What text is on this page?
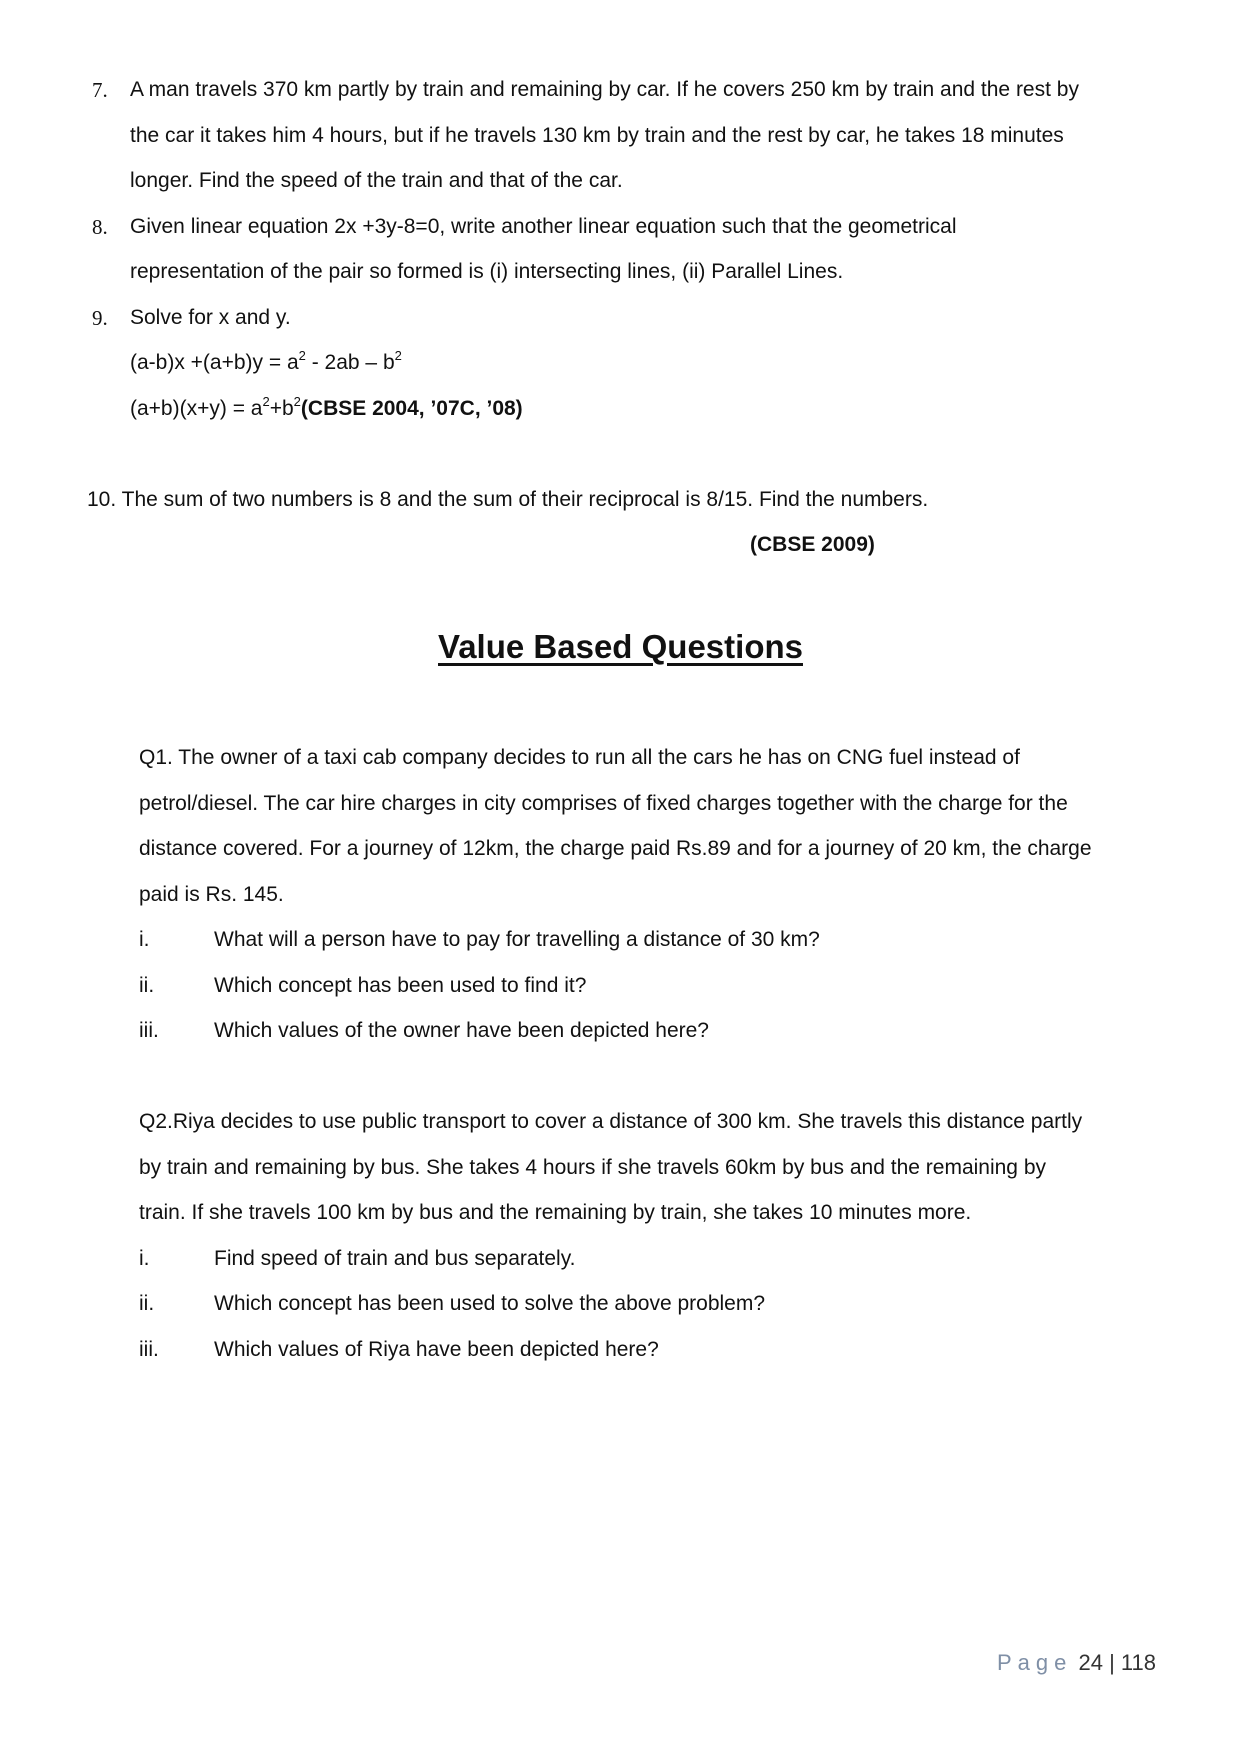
7. A man travels 370 km partly by train and remaining by car. If he covers 250 km by train and the rest by
the car it takes him 4 hours, but if he travels 130 km by train and the rest by car, he takes 18 minutes
longer. Find the speed of the train and that of the car.
8. Given linear equation 2x +3y-8=0, write another linear equation such that the geometrical
representation of the pair so formed is (i) intersecting lines, (ii) Parallel Lines.
9. Solve for x and y.
$(a-b)x +(a+b)y = a^2 - 2ab - b^2$
$(a+b)(x+y) = a^2+b^2(CBSE$ 2004, ’07C, ’08)
10. The sum of two numbers is 8 and the sum of their reciprocal is 8/15. Find the numbers.
(CBSE 2009)
Value Based Questions
Q1. The owner of a taxi cab company decides to run all the cars he has on CNG fuel instead of
petrol/diesel. The car hire charges in city comprises of fixed charges together with the charge for the
distance covered. For a journey of 12km, the charge paid Rs.89 and for a journey of 20 km, the charge
paid is Rs. 145.
i.	What will a person have to pay for travelling a distance of 30 km?
ii.	Which concept has been used to find it?
iii.	Which values of the owner have been depicted here?
Q2.Riya decides to use public transport to cover a distance of 300 km. She travels this distance partly
by train and remaining by bus. She takes 4 hours if she travels 60km by bus and the remaining by
train. If she travels 100 km by bus and the remaining by train, she takes 10 minutes more.
i.	Find speed of train and bus separately.
ii.	Which concept has been used to solve the above problem?
iii.	Which values of Riya have been depicted here?
Page 24 | 118
